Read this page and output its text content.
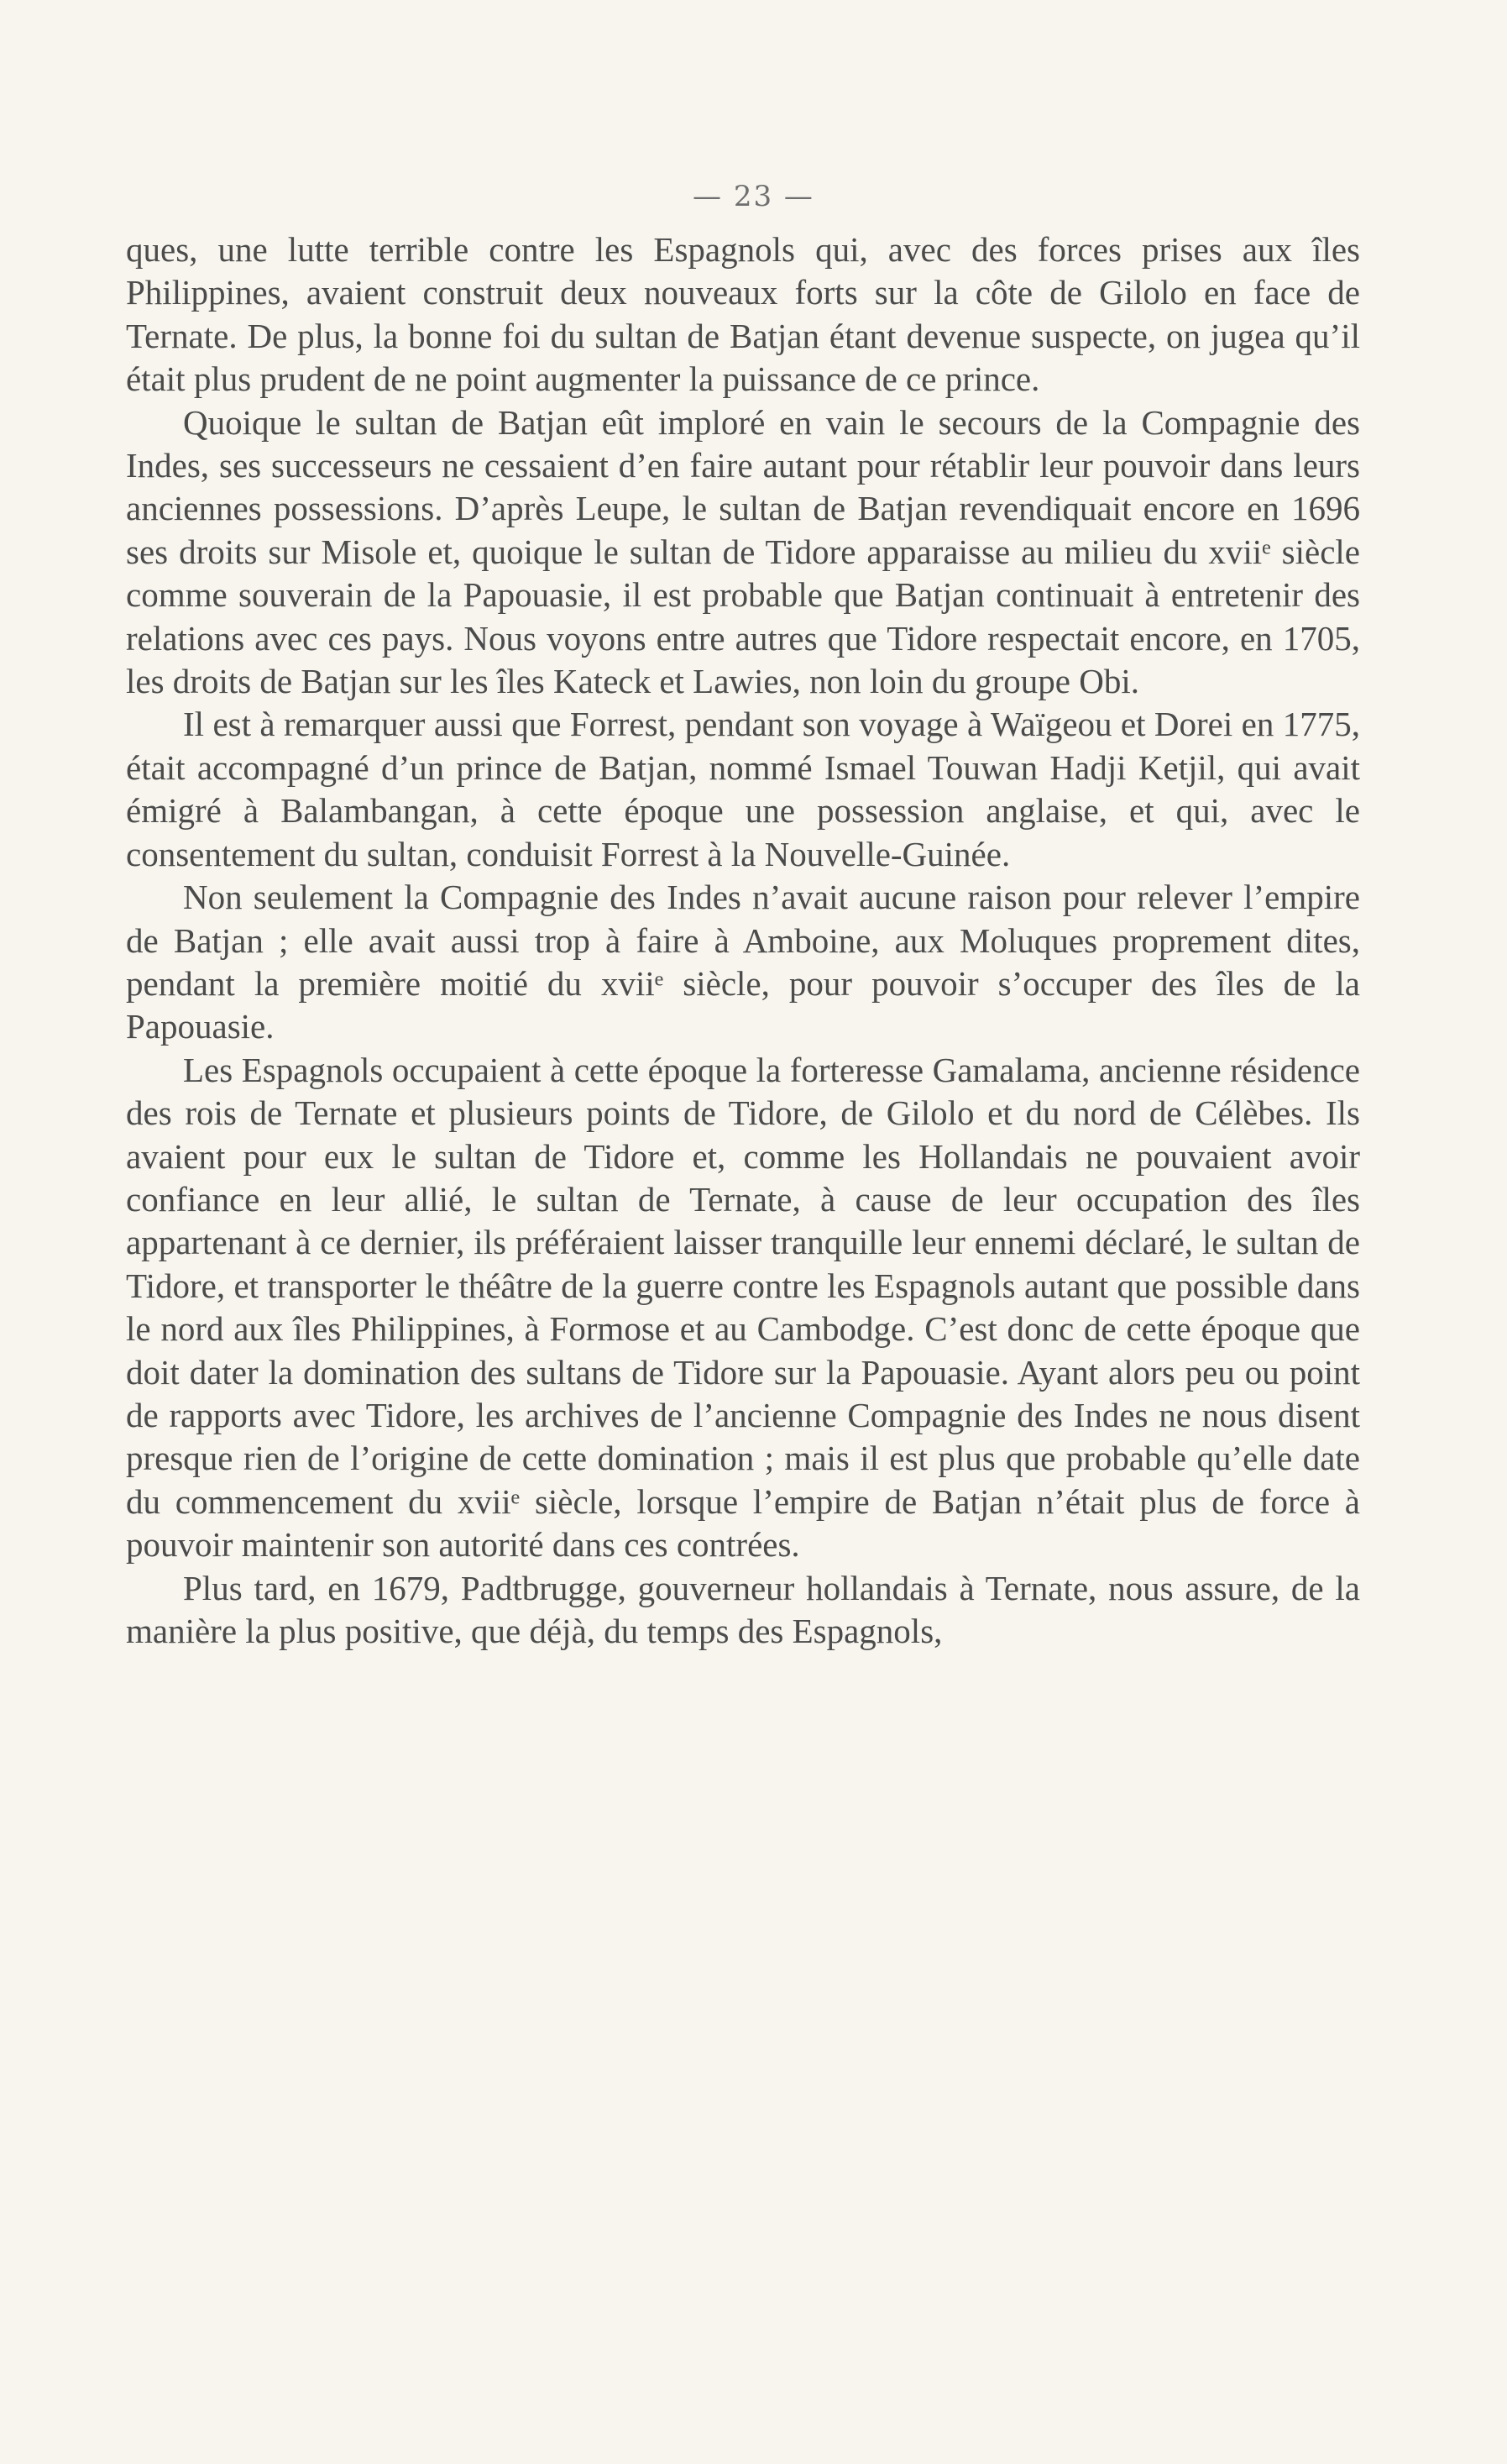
— 23 —

ques, une lutte terrible contre les Espagnols qui, avec des forces prises aux îles Philippines, avaient construit deux nouveaux forts sur la côte de Gilolo en face de Ternate. De plus, la bonne foi du sultan de Batjan étant devenue suspecte, on jugea qu’il était plus prudent de ne point augmenter la puissance de ce prince.

Quoique le sultan de Batjan eût imploré en vain le secours de la Compagnie des Indes, ses successeurs ne cessaient d’en faire autant pour rétablir leur pouvoir dans leurs anciennes possessions. D’après Leupe, le sultan de Batjan revendiquait encore en 1696 ses droits sur Misole et, quoique le sultan de Tidore apparaisse au milieu du xviiᵉ siècle comme souverain de la Papouasie, il est probable que Batjan continuait à entretenir des relations avec ces pays. Nous voyons entre autres que Tidore respectait encore, en 1705, les droits de Batjan sur les îles Kateck et Lawies, non loin du groupe Obi.

Il est à remarquer aussi que Forrest, pendant son voyage à Waïgeou et Dorei en 1775, était accompagné d’un prince de Batjan, nommé Ismael Touwan Hadji Ketjil, qui avait émigré à Balambangan, à cette époque une possession anglaise, et qui, avec le consentement du sultan, conduisit Forrest à la Nouvelle-Guinée.

Non seulement la Compagnie des Indes n’avait aucune raison pour relever l’empire de Batjan ; elle avait aussi trop à faire à Amboine, aux Moluques proprement dites, pendant la première moitié du xviiᵉ siècle, pour pouvoir s’occuper des îles de la Papouasie.

Les Espagnols occupaient à cette époque la forteresse Gamalama, ancienne résidence des rois de Ternate et plusieurs points de Tidore, de Gilolo et du nord de Célèbes. Ils avaient pour eux le sultan de Tidore et, comme les Hollandais ne pouvaient avoir confiance en leur allié, le sultan de Ternate, à cause de leur occupation des îles appartenant à ce dernier, ils préféraient laisser tranquille leur ennemi déclaré, le sultan de Tidore, et transporter le théâtre de la guerre contre les Espagnols autant que possible dans le nord aux îles Philippines, à Formose et au Cambodge. C’est donc de cette époque que doit dater la domination des sultans de Tidore sur la Papouasie. Ayant alors peu ou point de rapports avec Tidore, les archives de l’ancienne Compagnie des Indes ne nous disent presque rien de l’origine de cette domination ; mais il est plus que probable qu’elle date du commencement du xviiᵉ siècle, lorsque l’empire de Batjan n’était plus de force à pouvoir maintenir son autorité dans ces contrées.

Plus tard, en 1679, Padtbrugge, gouverneur hollandais à Ternate, nous assure, de la manière la plus positive, que déjà, du temps des Espagnols,
